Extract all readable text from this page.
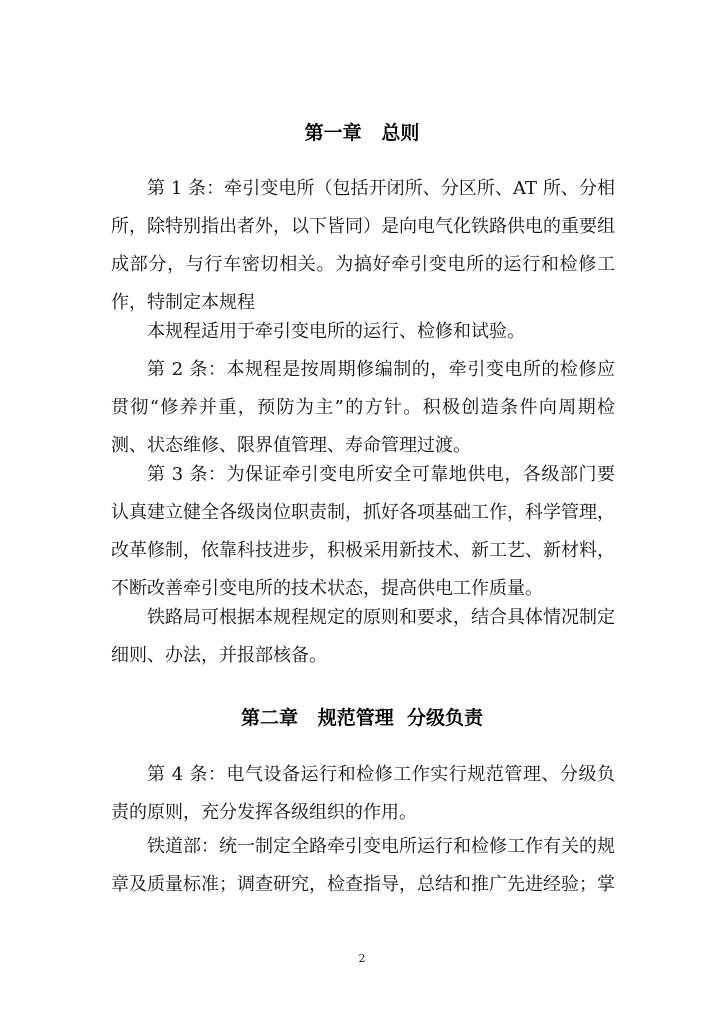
第一章   总则

第 1 条：牵引变电所（包括开闭所、分区所、AT 所、分相所，除特别指出者外，以下皆同）是向电气化铁路供电的重要组成部分，与行车密切相关。为搞好牵引变电所的运行和检修工作，特制定本规程

本规程适用于牵引变电所的运行、检修和试验。

第 2 条：本规程是按周期修编制的，牵引变电所的检修应贯彻“修养并重，预防为主”的方针。积极创造条件向周期检测、状态维修、限界值管理、寿命管理过渡。

第 3 条：为保证牵引变电所安全可靠地供电，各级部门要认真建立健全各级岗位职责制，抓好各项基础工作，科学管理，改革修制，依靠科技进步，积极采用新技术、新工艺、新材料，不断改善牵引变电所的技术状态，提高供电工作质量。

铁路局可根据本规程规定的原则和要求，结合具体情况制定细则、办法，并报部核备。

第二章   规范管理  分级负责

第 4 条：电气设备运行和检修工作实行规范管理、分级负责的原则，充分发挥各级组织的作用。

铁道部：统一制定全路牵引变电所运行和检修工作有关的规章及质量标准；调查研究，检查指导，总结和推广先进经验；掌

2
